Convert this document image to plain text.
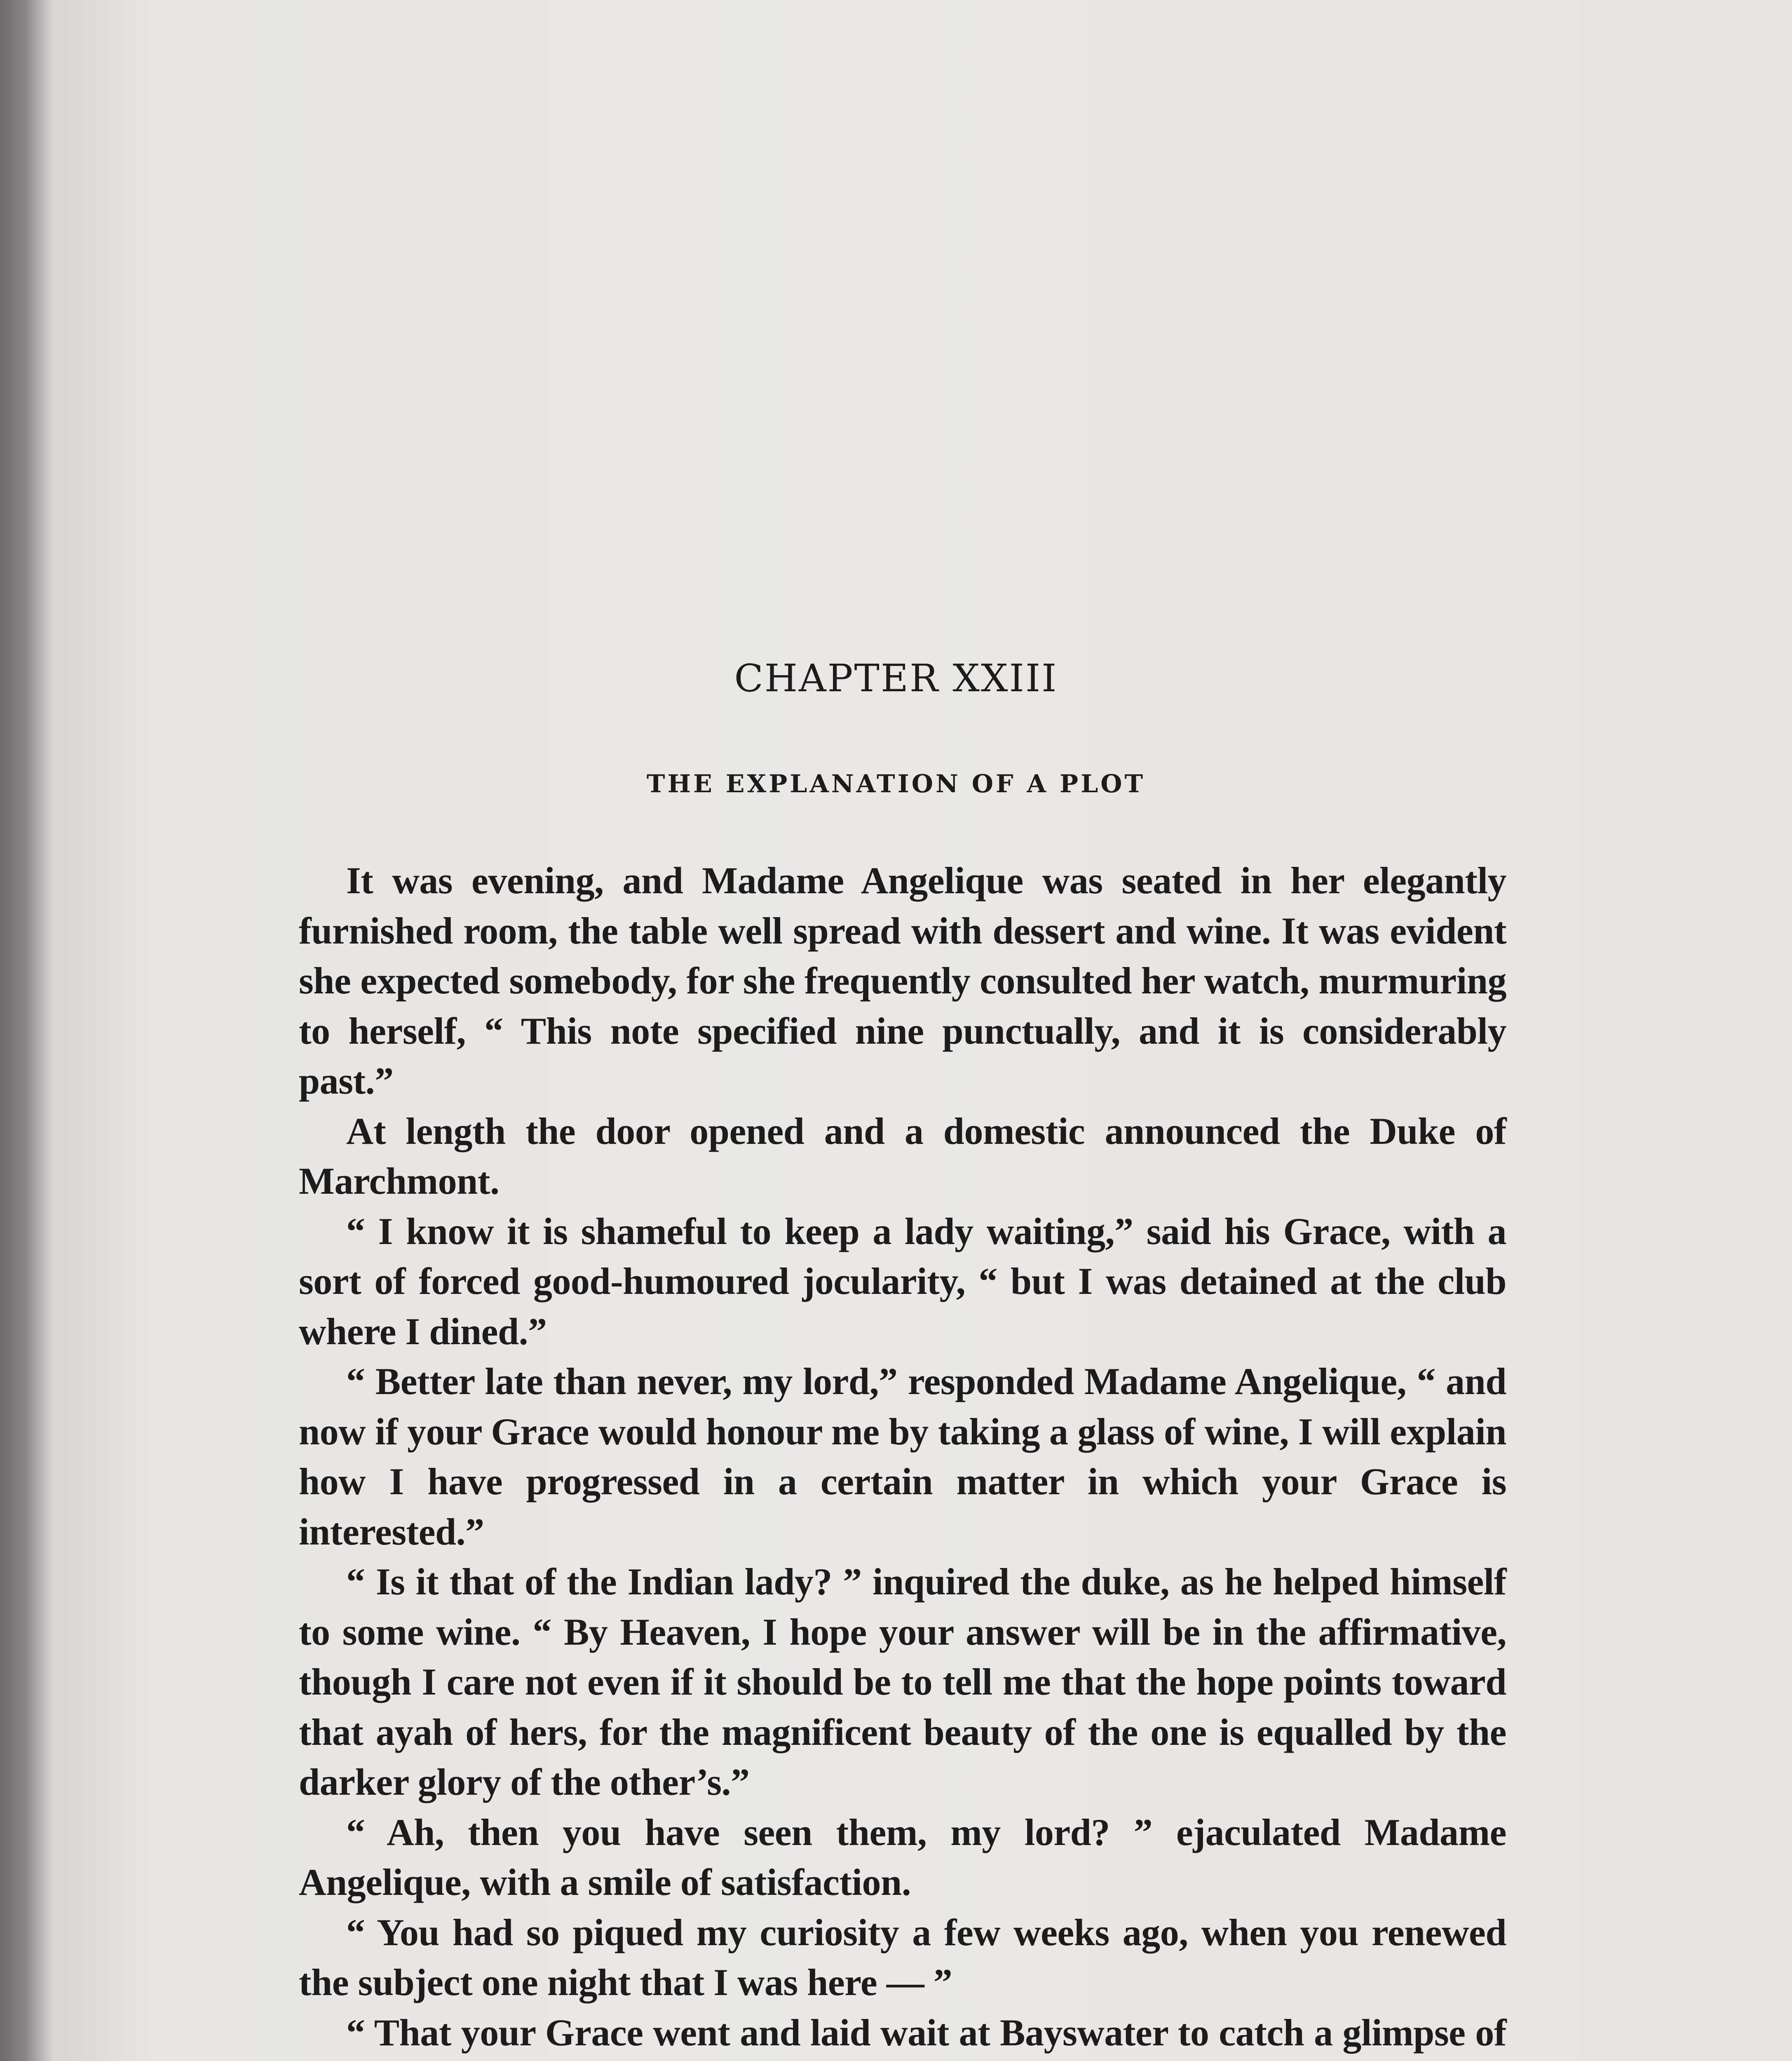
CHAPTER XXIII
THE EXPLANATION OF A PLOT

It was evening, and Madame Angelique was seated in her elegantly furnished room, the table well spread with dessert and wine. It was evident she expected somebody, for she frequently consulted her watch, murmuring to herself, “ This note specified nine punctually, and it is considerably past.”

At length the door opened and a domestic announced the Duke of Marchmont.

“ I know it is shameful to keep a lady waiting,” said his Grace, with a sort of forced good-humoured jocularity, “ but I was detained at the club where I dined.”

“ Better late than never, my lord,” responded Madame Angelique, “ and now if your Grace would honour me by taking a glass of wine, I will explain how I have progressed in a certain matter in which your Grace is interested.”

“ Is it that of the Indian lady? ” inquired the duke, as he helped himself to some wine. “ By Heaven, I hope your answer will be in the affirmative, though I care not even if it should be to tell me that the hope points toward that ayah of hers, for the magnificent beauty of the one is equalled by the darker glory of the other’s.”

“ Ah, then you have seen them, my lord? ” ejaculated Madame Angelique, with a smile of satisfaction.

“ You had so piqued my curiosity a few weeks ago, when you renewed the subject one night that I was here — ”

“ That your Grace went and laid wait at Bayswater to catch a glimpse of
